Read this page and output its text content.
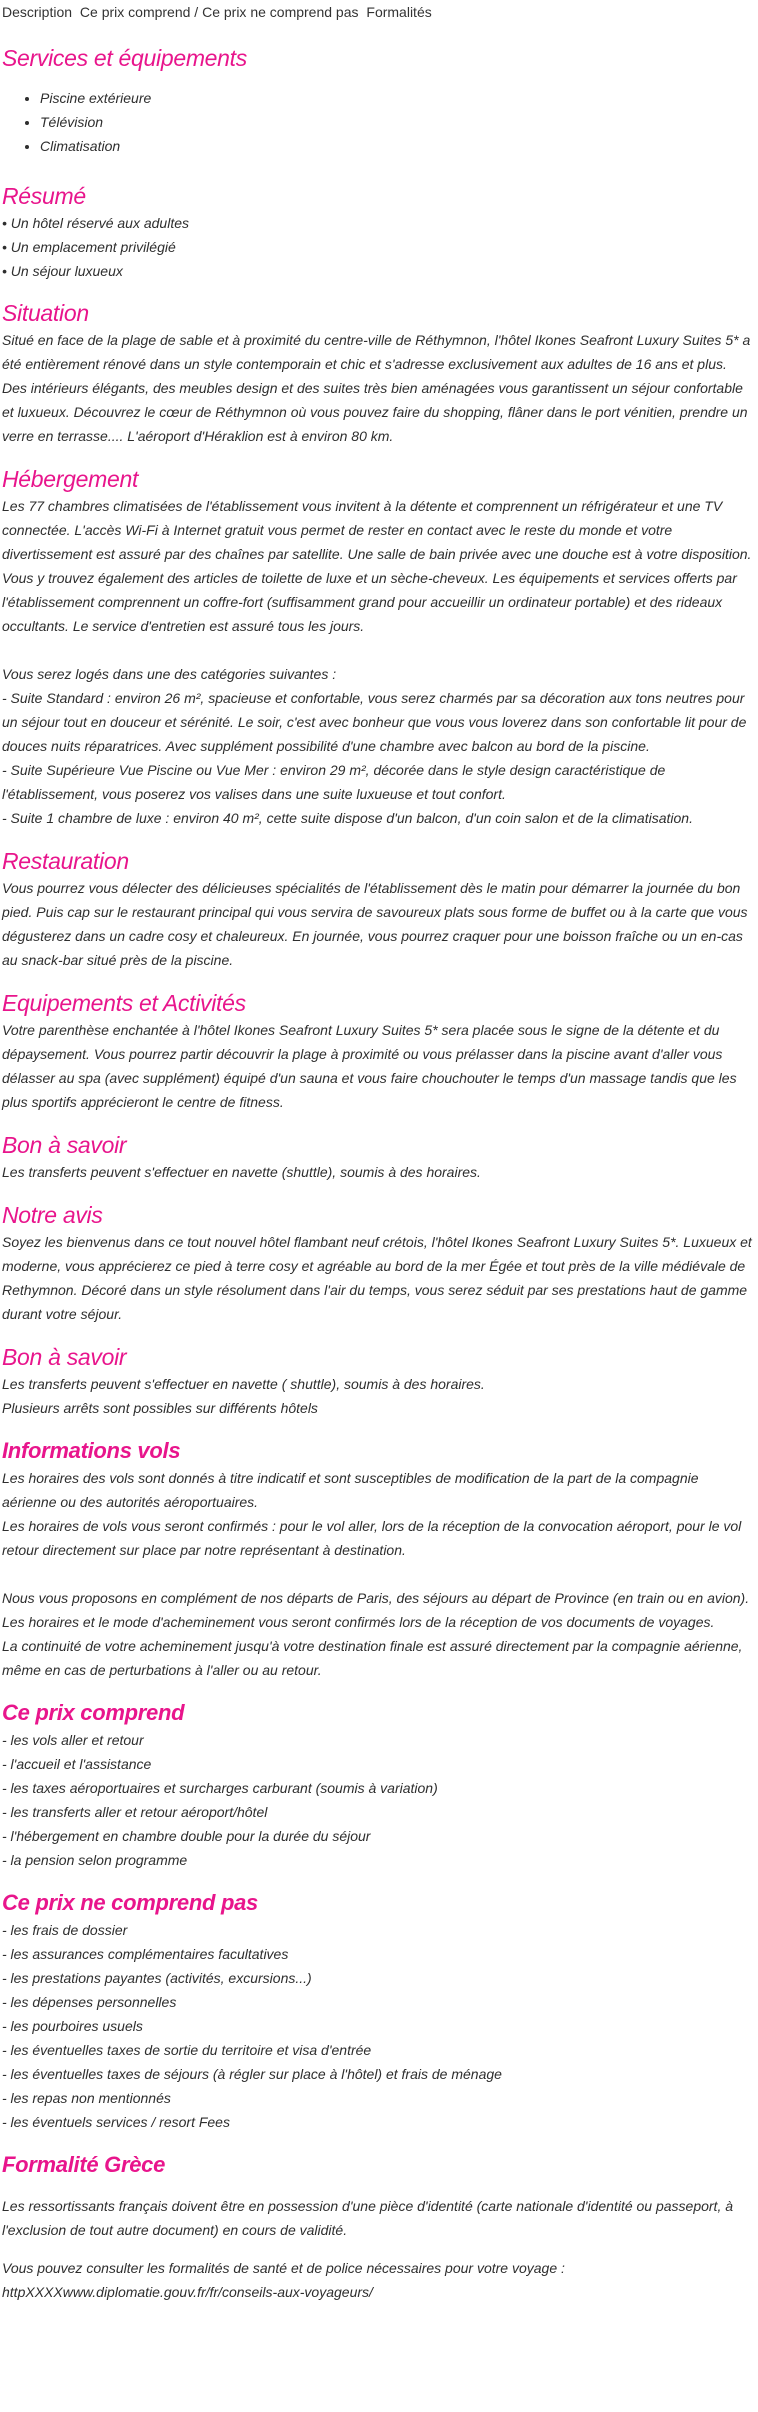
Description Ce prix comprend / Ce prix ne comprend pas Formalités
Services et équipements
• Piscine extérieure
• Télévision
• Climatisation
Résumé

• Un hôtel réservé aux adultes

• Un emplacement privilégié

• Un séjour luxueux

Situation

Situé en face de la plage de sable et à proximité du centre-ville de Réthymnon, l'hôtel Ikones Seafront Luxury Suites 5* a été entièrement rénové dans un style contemporain et chic et s'adresse exclusivement aux adultes de 16 ans et plus. Des intérieurs élégants, des meubles design et des suites très bien aménagées vous garantissent un séjour confortable et luxueux. Découvrez le cœur de Réthymnon où vous pouvez faire du shopping, flâner dans le port vénitien, prendre un verre en terrasse.... L'aéroport d'Héraklion est à environ 80 km.

Hébergement

Les 77 chambres climatisées de l'établissement vous invitent à la détente et comprennent un réfrigérateur et une TV connectée. L'accès Wi-Fi à Internet gratuit vous permet de rester en contact avec le reste du monde et votre divertissement est assuré par des chaînes par satellite. Une salle de bain privée avec une douche est à votre disposition. Vous y trouvez également des articles de toilette de luxe et un sèche-cheveux. Les équipements et services offerts par l'établissement comprennent un coffre-fort (suffisamment grand pour accueillir un ordinateur portable) et des rideaux occultants. Le service d'entretien est assuré tous les jours.

Vous serez logés dans une des catégories suivantes :

- Suite Standard : environ 26 m², spacieuse et confortable, vous serez charmés par sa décoration aux tons neutres pour un séjour tout en douceur et sérénité. Le soir, c'est avec bonheur que vous vous loverez dans son confortable lit pour de douces nuits réparatrices. Avec supplément possibilité d'une chambre avec balcon au bord de la piscine.

- Suite Supérieure Vue Piscine ou Vue Mer : environ 29 m², décorée dans le style design caractéristique de l'établissement, vous poserez vos valises dans une suite luxueuse et tout confort.

- Suite 1 chambre de luxe : environ 40 m², cette suite dispose d'un balcon, d'un coin salon et de la climatisation.

Restauration

Vous pourrez vous délecter des délicieuses spécialités de l'établissement dès le matin pour démarrer la journée du bon pied. Puis cap sur le restaurant principal qui vous servira de savoureux plats sous forme de buffet ou à la carte que vous dégusterez dans un cadre cosy et chaleureux. En journée, vous pourrez craquer pour une boisson fraîche ou un en-cas au snack-bar situé près de la piscine.

Equipements et Activités

Votre parenthèse enchantée à l'hôtel Ikones Seafront Luxury Suites 5* sera placée sous le signe de la détente et du dépaysement. Vous pourrez partir découvrir la plage à proximité ou vous prélasser dans la piscine avant d'aller vous délasser au spa (avec supplément) équipé d'un sauna et vous faire chouchouter le temps d'un massage tandis que les plus sportifs apprécieront le centre de fitness.

Bon à savoir

Les transferts peuvent s'effectuer en navette (shuttle), soumis à des horaires.

Notre avis

Soyez les bienvenus dans ce tout nouvel hôtel flambant neuf crétois, l'hôtel Ikones Seafront Luxury Suites 5*. Luxueux et moderne, vous apprécierez ce pied à terre cosy et agréable au bord de la mer Égée et tout près de la ville médiévale de Rethymnon. Décoré dans un style résolument dans l'air du temps, vous serez séduit par ses prestations haut de gamme durant votre séjour.

Bon à savoir

Les transferts peuvent s'effectuer en navette ( shuttle), soumis à des horaires.

Plusieurs arrêts sont possibles sur différents hôtels

Informations vols

Les horaires des vols sont donnés à titre indicatif et sont susceptibles de modification de la part de la compagnie aérienne ou des autorités aéroportuaires.

Les horaires de vols vous seront confirmés : pour le vol aller, lors de la réception de la convocation aéroport, pour le vol retour directement sur place par notre représentant à destination.

Nous vous proposons en complément de nos départs de Paris, des séjours au départ de Province (en train ou en avion).

Les horaires et le mode d'acheminement vous seront confirmés lors de la réception de vos documents de voyages.

La continuité de votre acheminement jusqu'à votre destination finale est assuré directement par la compagnie aérienne, même en cas de perturbations à l'aller ou au retour.

Ce prix comprend

- les vols aller et retour

- l'accueil et l'assistance

- les taxes aéroportuaires et surcharges carburant (soumis à variation)

- les transferts aller et retour aéroport/hôtel

- l'hébergement en chambre double pour la durée du séjour

- la pension selon programme

Ce prix ne comprend pas

- les frais de dossier

- les assurances complémentaires facultatives

- les prestations payantes (activités, excursions...)

- les dépenses personnelles

- les pourboires usuels

- les éventuelles taxes de sortie du territoire et visa d'entrée

- les éventuelles taxes de séjours (à régler sur place à l'hôtel) et frais de ménage

- les repas non mentionnés

- les éventuels services / resort Fees

Formalité Grèce

Les ressortissants français doivent être en possession d'une pièce d'identité (carte nationale d'identité ou passeport, à l'exclusion de tout autre document) en cours de validité.

Vous pouvez consulter les formalités de santé et de police nécessaires pour votre voyage :

httpXXXXwww.diplomatie.gouv.fr/fr/conseils-aux-voyageurs/
